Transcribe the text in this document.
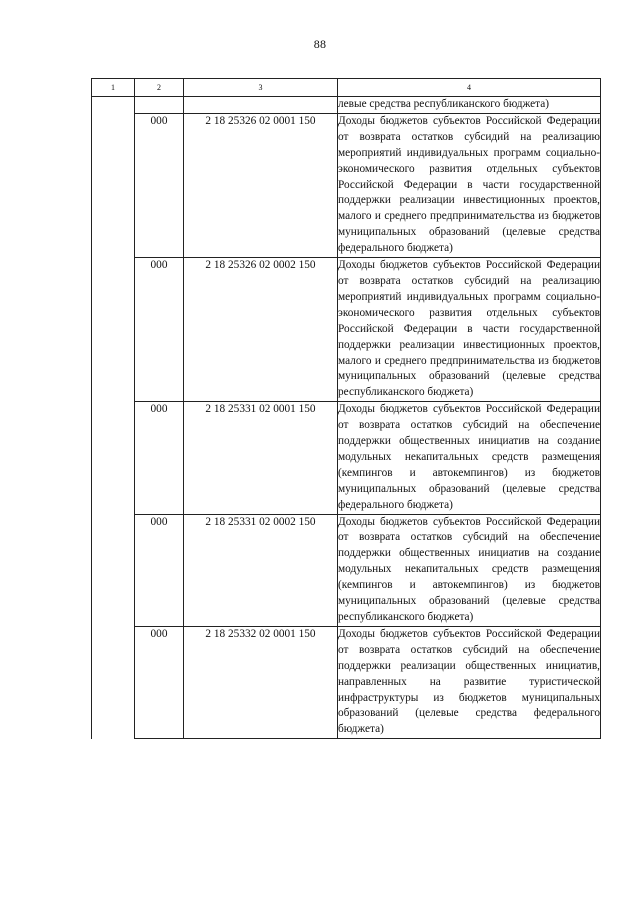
88
1	2	3	4
			левые средства республиканского бюджета)
	000	2 18 25326 02 0001 150	Доходы бюджетов субъектов Российской Федерации от возврата остатков субсидий на реализацию мероприятий индивидуальных программ социально-экономического развития отдельных субъектов Российской Федерации в части государственной поддержки реализации инвестиционных проектов, малого и среднего предпринимательства из бюджетов муниципальных образований (целевые средства федерального бюджета)

	000	2 18 25326 02 0002 150	Доходы бюджетов субъектов Российской Федерации от возврата остатков субсидий на реализацию мероприятий индивидуальных программ социально-экономического развития отдельных субъектов Российской Федерации в части государственной поддержки реализации инвестиционных проектов, малого и среднего предпринимательства из бюджетов муниципальных образований (целевые средства республиканского бюджета)

	000	2 18 25331 02 0001 150	Доходы бюджетов субъектов Российской Федерации от возврата остатков субсидий на обеспечение поддержки общественных инициатив на создание модульных некапитальных средств размещения (кемпингов и автокемпингов) из бюджетов муниципальных образований (целевые средства федерального бюджета)

	000	2 18 25331 02 0002 150	Доходы бюджетов субъектов Российской Федерации от возврата остатков субсидий на обеспечение поддержки общественных инициатив на создание модульных некапитальных средств размещения (кемпингов и автокемпингов) из бюджетов муниципальных образований (целевые средства республиканского бюджета)

	000	2 18 25332 02 0001 150	Доходы бюджетов субъектов Российской Федерации от возврата остатков субсидий на обеспечение поддержки реализации общественных инициатив, направленных на развитие туристической инфраструктуры из бюджетов муниципальных образований (целевые средства федерального бюджета)
